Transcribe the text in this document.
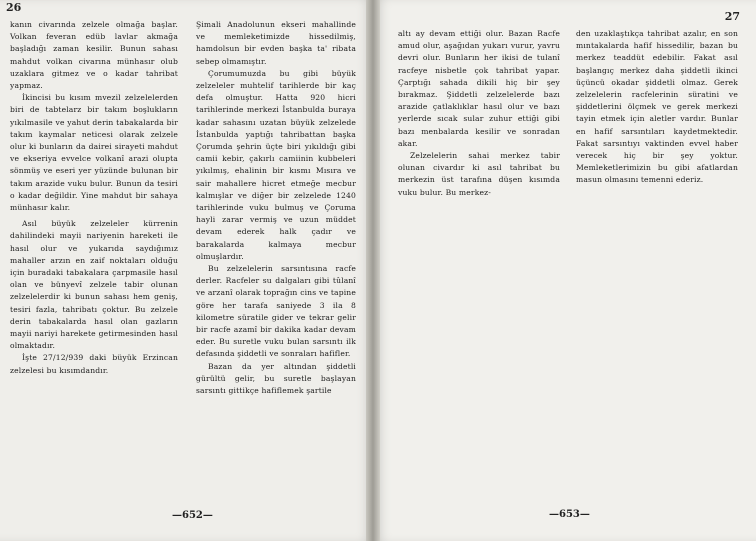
26

kanın civarında zelzele olmağa başlar. Volkan feveran edüb lavlar akmağa başladığı zaman kesilir. Bunun sahası mahdut volkan civarına münhasır olub uzaklara gitmez ve o kadar tahribat yapmaz.

İkincisi bu kısım mvezil zelzelelerden biri de tabtelarz bir takım boşlukların yıkılmasile ve yahut derin tabakalarda bir takım kaymalar neticesi olarak zelzele olur ki bunların da dairei sirayeti mahdut ve ekseriya evvelce volkanî arazi olupta sönmüş ve eseri yer yüzünde bulunan bir takım arazide vuku bulur. Bunun da tesiri o kadar değildir. Yine mahdut bir sahaya münhasır kalır.

Asıl büyük zelzeleler kürrenin dahilindeki mayii nariyenin hareketi ile hasıl olur ve yukarıda saydığımız mahaller arzın en zaif noktaları olduğu için buradaki tabakalara çarpmasile hasıl olan ve bünyevî zelzele tabir olunan zelzelelerdir ki bunun sahası hem geniş, tesiri fazla, tahribatı çoktur. Bu zelzele derin tabakalarda hasıl olan gazların mayii nariyi harekete getirmesinden hasıl olmaktadır.

İşte 27/12/939 daki büyük Erzincan zelzelesi bu kısımdandır.

Şimali Anadolunun ekseri mahallinde ve memleketimizde hissedilmiş, hamdolsun bir evden başka ta' ribata sebep olmamıştır.

Çorumumuzda bu gibi büyük zelzeleler muhtelif tarihlerde bir kaç defa olmuştur. Hatta 920 hicri tarihlerinde merkezi İstanbulda buraya kadar sahasını uzatan büyük zelzelede İstanbulda yaptığı tahribattan başka Çorumda şehrin üçte biri yıkıldığı gibi camii kebir, çakırlı camiinin kubbeleri yıkılmış, ehalinin bir kısmı Mısıra ve sair mahallere hicret etmeğe mecbur kalmışlar ve diğer bir zelzelede 1240 tarihlerinde vuku bulmuş ve Çoruma hayli zarar vermiş ve uzun müddet devam ederek halk çadır ve barakalarda kalmaya mecbur olmuşlardır.

Bu zelzelelerin sarsıntısına racfe derler. Racfeler su dalgaları gibi tûlanî ve arzanî olarak toprağın cins ve tapine göre her tarafa saniyede 3 ila 8 kilometre süratile gider ve tekrar gelir bir racfe azamî bir dakika kadar devam eder. Bu suretle vuku bulan sarsıntı ilk defasında şiddetli ve sonraları hafifler.

Bazan da yer altından şiddetli gürültü gelir, bu suretle başlayan sarsıntı gittikçe hafiflemek şartile

—652—
27

altı ay devam ettiği olur. Bazan Racfe amud olur, aşağıdan yukarı vurur, yavru devri olur. Bunların her ikisi de tulanî racfeye nisbetle çok tahribat yapar. Çarptığı sahada dikili hiç bir şey bırakmaz. Şiddetli zelzelelerde bazı arazide çatlaklıklar hasıl olur ve bazı yerlerde sıcak sular zuhur ettiği gibi bazı menbalarda kesilir ve sonradan akar.

Zelzelelerin sahai merkez tabir olunan civardır ki asıl tahribat bu merkezin üst tarafına düşen kısımda vuku bulur. Bu merkez-

den uzaklaştıkça tahribat azalır, en son mıntakalarda hafif hissedilir, bazan bu merkez teaddüt edebilir. Fakat asıl başlangıç merkez daha şiddetli ikinci üçüncü okadar şiddetli olmaz. Gerek zelzelelerin racfelerinin süratini ve şiddetlerini ölçmek ve gerek merkezi tayin etmek için aletler vardır. Bunlar en hafif sarsıntıları kaydetmektedir. Fakat sarsıntıyı vaktinden evvel haber verecek hiç bir şey yoktur. Memleketlerimizin bu gibi afatlardan masun olmasını temenni ederiz.

—653—
